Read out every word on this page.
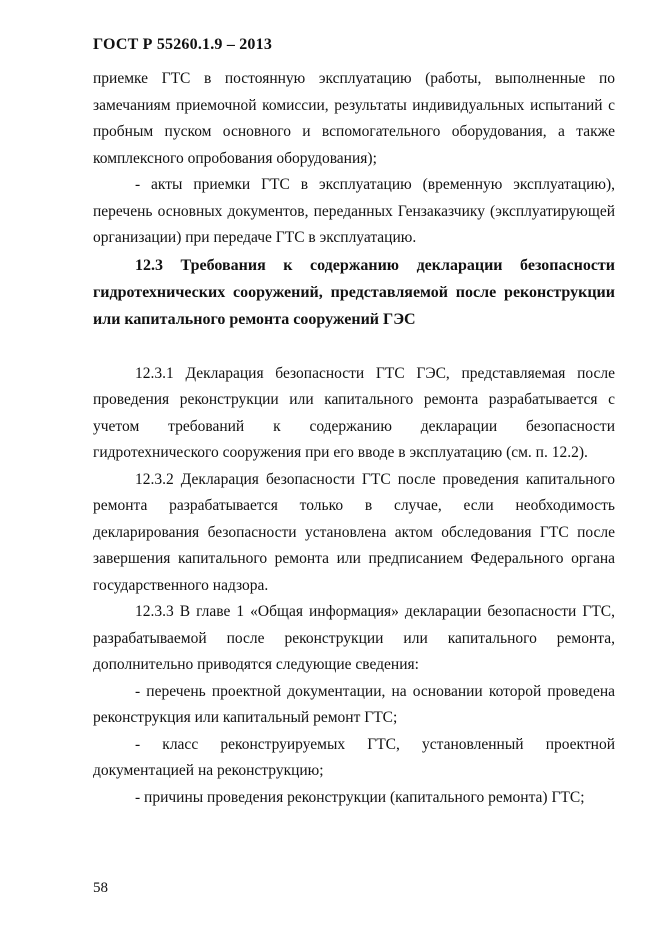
ГОСТ Р 55260.1.9 – 2013

приемке ГТС в постоянную эксплуатацию (работы, выполненные по замечаниям приемочной комиссии, результаты индивидуальных испытаний с пробным пуском основного и вспомогательного оборудования, а также комплексного опробования оборудования);

- акты приемки ГТС в эксплуатацию (временную эксплуатацию), перечень основных документов, переданных Гензаказчику (эксплуатирующей организации) при передаче ГТС в эксплуатацию.

12.3 Требования к содержанию декларации безопасности гидротехнических сооружений, представляемой после реконструкции или капитального ремонта сооружений ГЭС

12.3.1 Декларация безопасности ГТС ГЭС, представляемая после проведения реконструкции или капитального ремонта разрабатывается с учетом требований к содержанию декларации безопасности гидротехнического сооружения при его вводе в эксплуатацию (см. п. 12.2).

12.3.2 Декларация безопасности ГТС после проведения капитального ремонта разрабатывается только в случае, если необходимость декларирования безопасности установлена актом обследования ГТС после завершения капитального ремонта или предписанием Федерального органа государственного надзора.

12.3.3 В главе 1 «Общая информация» декларации безопасности ГТС, разрабатываемой после реконструкции или капитального ремонта, дополнительно приводятся следующие сведения:

- перечень проектной документации, на основании которой проведена реконструкция или капитальный ремонт ГТС;

- класс реконструируемых ГТС, установленный проектной документацией на реконструкцию;

- причины проведения реконструкции (капитального ремонта) ГТС;

58
